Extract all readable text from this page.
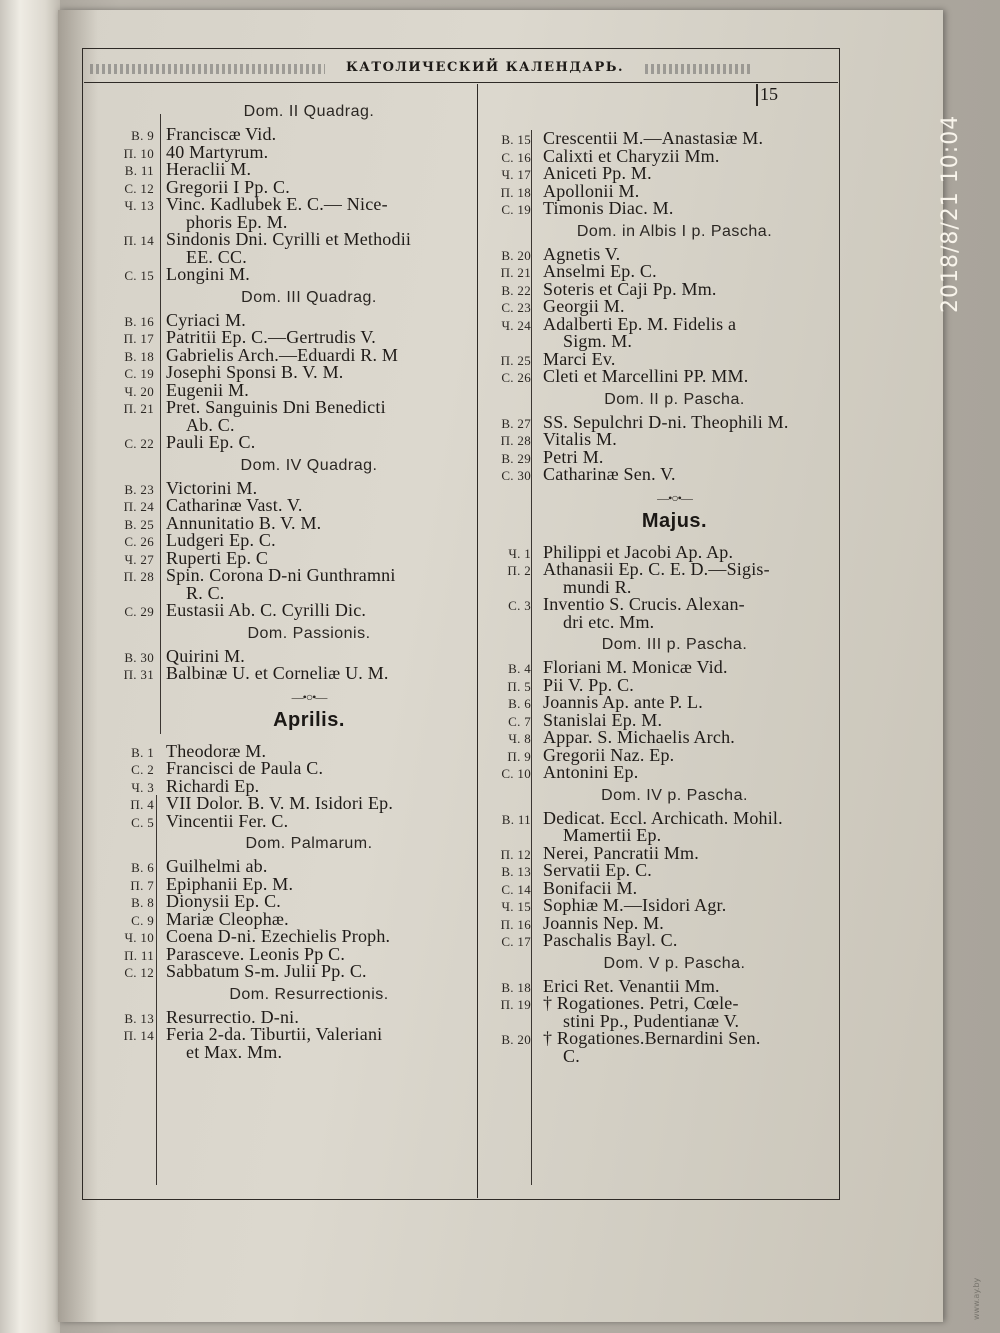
КАТОЛИЧЕСКИЙ КАЛЕНДАРЬ.
15
Dom. II Quadrag.
В. 9 Franciscæ Vid.
П. 10 40 Martyrum.
В. 11 Heraclii M.
С. 12 Gregorii I Pp. C.
Ч. 13 Vinc. Kadlubek E. C.— Nice-
phoris Ep. M.
П. 14 Sindonis Dni. Cyrilli et Methodii
EE. CC.
С. 15 Longini M.
Dom. III Quadrag.
В. 16 Cyriaci M.
П. 17 Patritii Ep. C.—Gertrudis V.
В. 18 Gabrielis Arch.—Eduardi R. M
С. 19 Josephi Sponsi B. V. M.
Ч. 20 Eugenii M.
П. 21 Pret. Sanguinis Dni Benedicti
Ab. C.
С. 22 Pauli Ep. C.
Dom. IV Quadrag.
В. 23 Victorini M.
П. 24 Catharinæ Vast. V.
В. 25 Annunitatio B. V. M.
С. 26 Ludgeri Ep. C.
Ч. 27 Ruperti Ep. C
П. 28 Spin. Corona D-ni Gunthramni
R. C.
С. 29 Eustasii Ab. C. Cyrilli Dic.
Dom. Passionis.
В. 30 Quirini M.
П. 31 Balbinæ U. et Corneliæ U. M.
—•○•—
Aprilis.
В. 1 Theodoræ M.
С. 2 Francisci de Paula C.
Ч. 3 Richardi Ep.
П. 4 VII Dolor. B. V. M. Isidori Ep.
С. 5 Vincentii Fer. C.
Dom. Palmarum.
В. 6 Guilhelmi ab.
П. 7 Epiphanii Ep. M.
В. 8 Dionysii Ep. C.
С. 9 Mariæ Cleophæ.
Ч. 10 Coena D-ni. Ezechielis Proph.
П. 11 Parasceve. Leonis Pp C.
С. 12 Sabbatum S-m. Julii Pp. C.
Dom. Resurrectionis.
В. 13 Resurrectio. D-ni.
П. 14 Feria 2-da. Tiburtii, Valeriani
et Max. Mm.
В. 15 Crescentii M.—Anastasiæ M.
С. 16 Calixti et Charyzii Mm.
Ч. 17 Aniceti Pp. M.
П. 18 Apollonii M.
С. 19 Timonis Diac. M.
Dom. in Albis I p. Pascha.
В. 20 Agnetis V.
П. 21 Anselmi Ep. C.
В. 22 Soteris et Caji Pp. Mm.
С. 23 Georgii M.
Ч. 24 Adalberti Ep. M. Fidelis a
Sigm. M.
П. 25 Marci Ev.
С. 26 Cleti et Marcellini PP. MM.
Dom. II p. Pascha.
В. 27 SS. Sepulchri D-ni. Theophili M.
П. 28 Vitalis M.
В. 29 Petri M.
С. 30 Catharinæ Sen. V.
—•○•—
Majus.
Ч. 1 Philippi et Jacobi Ap. Ap.
П. 2 Athanasii Ep. C. E. D.—Sigis-
mundi R.
С. 3 Inventio S. Crucis. Alexan-
dri etc. Mm.
Dom. III p. Pascha.
В. 4 Floriani M. Monicæ Vid.
П. 5 Pii V. Pp. C.
В. 6 Joannis Ap. ante P. L.
С. 7 Stanislai Ep. M.
Ч. 8 Appar. S. Michaelis Arch.
П. 9 Gregorii Naz. Ep.
С. 10 Antonini Ep.
Dom. IV p. Pascha.
В. 11 Dedicat. Eccl. Archicath. Mohil.
Mamertii Ep.
П. 12 Nerei, Pancratii Mm.
В. 13 Servatii Ep. C.
С. 14 Bonifacii M.
Ч. 15 Sophiæ M.—Isidori Agr.
П. 16 Joannis Nep. M.
С. 17 Paschalis Bayl. C.
Dom. V p. Pascha.
В. 18 Erici Ret. Venantii Mm.
П. 19 † Rogationes. Petri, Cœle-
stini Pp., Pudentianæ V.
В. 20 † Rogationes.Bernardini Sen.
C.
2018/8/21 10:04
www.ay.by
